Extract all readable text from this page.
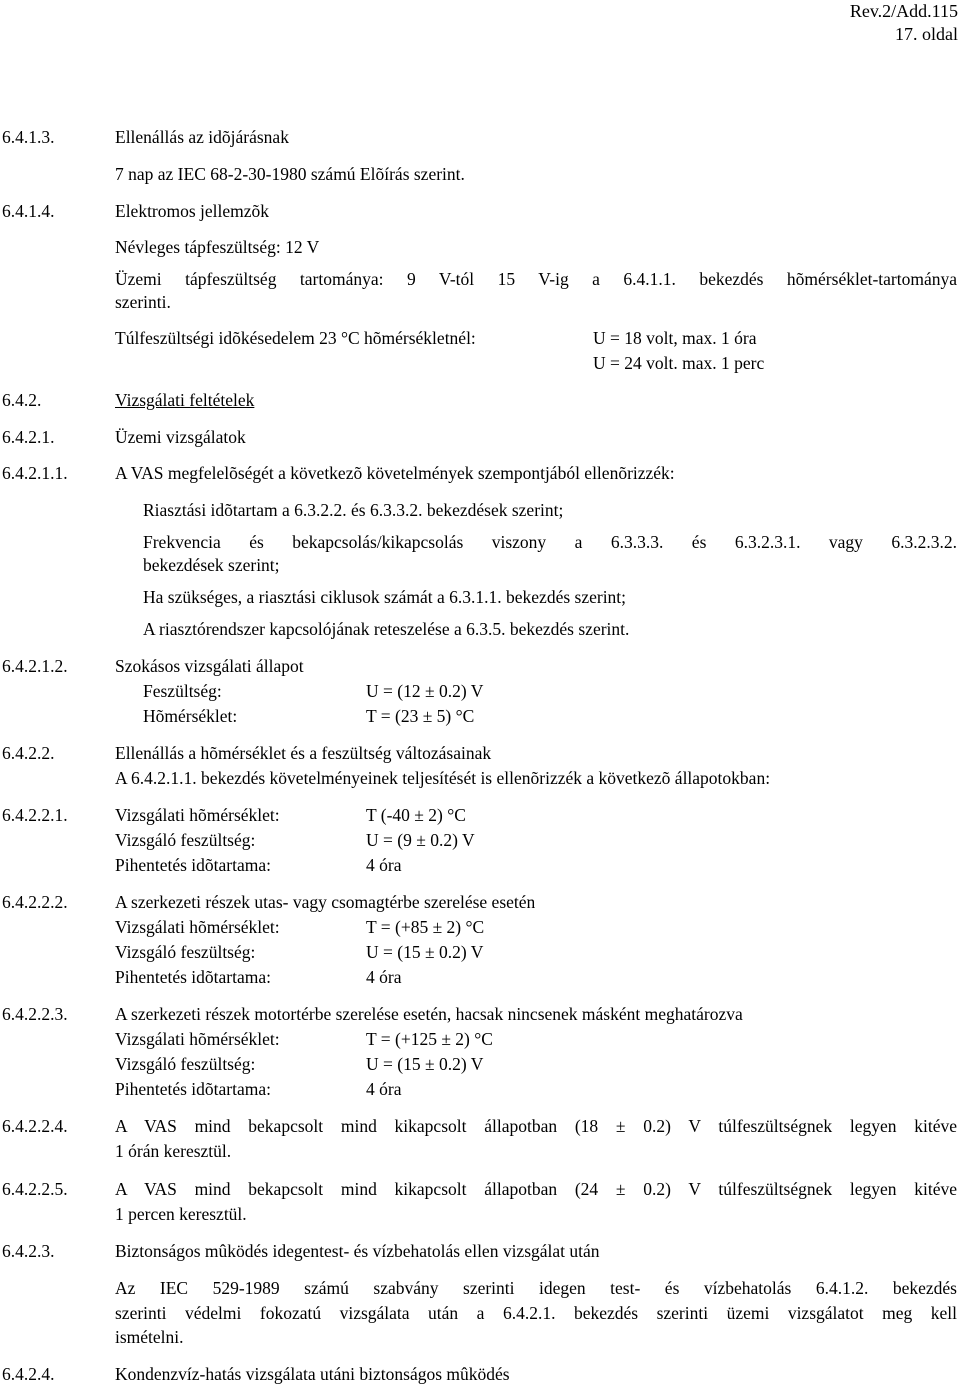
Rev.2/Add.115
17. oldal
6.4.1.3.	Ellenállás az idõjárásnak
7 nap az IEC 68-2-30-1980 számú Elõírás szerint.
6.4.1.4.	Elektromos jellemzõk
Névleges tápfeszültség: 12 V
Üzemi tápfeszültség tartománya: 9 V-tól 15 V-ig a 6.4.1.1. bekezdés hõmérséklet-tartománya
szerinti.
Túlfeszültségi idõkésedelem 23 °C hõmérsékletnél:	U = 18 volt, max. 1 óra
U = 24 volt. max. 1 perc
6.4.2.	Vizsgálati feltételek
6.4.2.1.	Üzemi vizsgálatok
6.4.2.1.1.	A VAS megfelelõségét a következõ követelmények szempontjából ellenõrizzék:
Riasztási idõtartam a 6.3.2.2. és 6.3.3.2. bekezdések szerint;
Frekvencia és bekapcsolás/kikapcsolás viszony a 6.3.3.3. és 6.3.2.3.1. vagy 6.3.2.3.2.
bekezdések szerint;
Ha szükséges, a riasztási ciklusok számát a 6.3.1.1. bekezdés szerint;
A riasztórendszer kapcsolójának reteszelése a 6.3.5. bekezdés szerint.
6.4.2.1.2.	Szokásos vizsgálati állapot
Feszültség:	U = (12 ± 0.2) V
Hõmérséklet:	T = (23 ± 5) °C
6.4.2.2.	Ellenállás a hõmérséklet és a feszültség változásainak
A 6.4.2.1.1. bekezdés követelményeinek teljesítését is ellenõrizzék a következõ állapotokban:
6.4.2.2.1.	Vizsgálati hõmérséklet:	T (-40 ± 2) °C
Vizsgáló feszültség:	U = (9 ± 0.2) V
Pihentetés idõtartama:	4 óra
6.4.2.2.2.	A szerkezeti részek utas- vagy csomagtérbe szerelése esetén
Vizsgálati hõmérséklet:	T = (+85 ± 2) °C
Vizsgáló feszültség:	U = (15 ± 0.2) V
Pihentetés idõtartama:	4 óra
6.4.2.2.3.	A szerkezeti részek motortérbe szerelése esetén, hacsak nincsenek másként meghatározva
Vizsgálati hõmérséklet:	T = (+125 ± 2) °C
Vizsgáló feszültség:	U = (15 ± 0.2) V
Pihentetés idõtartama:	4 óra
6.4.2.2.4.	A VAS mind bekapcsolt mind kikapcsolt állapotban (18 ± 0.2) V túlfeszültségnek legyen kitéve
1 órán keresztül.
6.4.2.2.5.	A VAS mind bekapcsolt mind kikapcsolt állapotban (24 ± 0.2) V túlfeszültségnek legyen kitéve
1 percen keresztül.
6.4.2.3.	Biztonságos mûködés idegentest- és vízbehatolás ellen vizsgálat után
Az IEC 529-1989 számú szabvány szerinti idegen test- és vízbehatolás 6.4.1.2. bekezdés
szerinti védelmi fokozatú vizsgálata után a 6.4.2.1. bekezdés szerinti üzemi vizsgálatot meg kell
ismételni.
6.4.2.4.	Kondenzvíz-hatás vizsgálata utáni biztonságos mûködés
